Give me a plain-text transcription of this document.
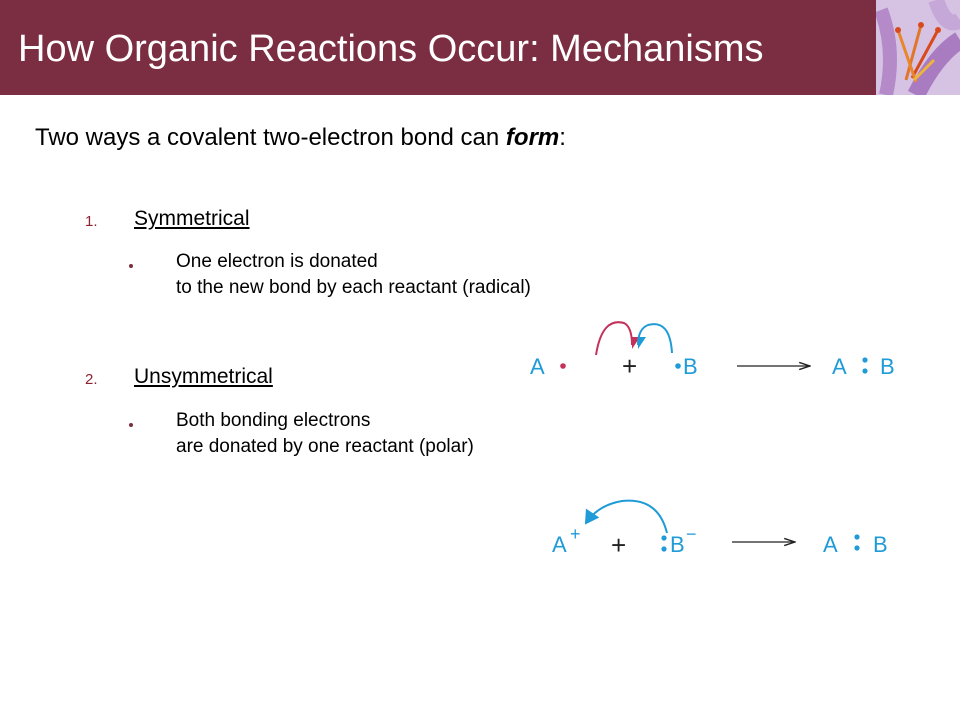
How Organic Reactions Occur: Mechanisms
Two ways a covalent two-electron bond can form:
1. Symmetrical
One electron is donated
to the new bond by each reactant (radical)
2. Unsymmetrical
Both bonding electrons
are donated by one reactant (polar)
A	+ B	A B
A + + B −	A B
